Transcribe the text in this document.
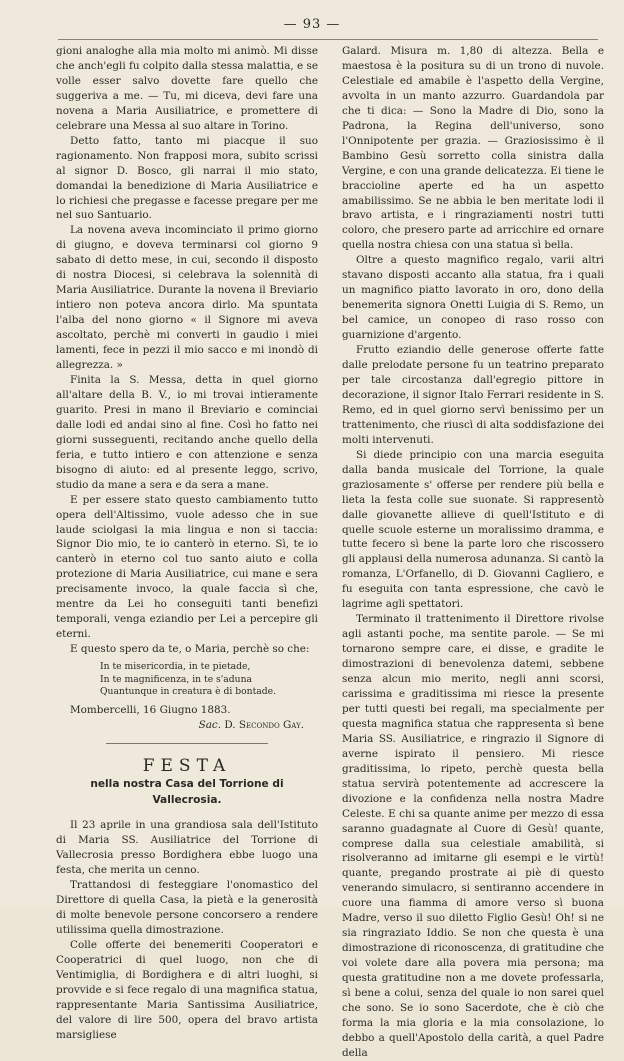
— 93 —

gioni analoghe alla mia molto mi animò. Mi disse che anch'egli fu colpito dalla stessa malattia, e se volle esser salvo dovette fare quello che suggeriva a me. — Tu, mi diceva, devi fare una novena a Maria Ausiliatrice, e promettere di celebrare una Messa al suo altare in Torino.

Detto fatto, tanto mi piacque il suo ragionamento. Non frapposi mora, subito scrissi al signor D. Bosco, gli narrai il mio stato, domandai la benedizione di Maria Ausiliatrice e lo richiesi che pregasse e facesse pregare per me nel suo Santuario.

La novena aveva incominciato il primo giorno di giugno, e doveva terminarsi col giorno 9 sabato di detto mese, in cui, secondo il disposto di nostra Diocesi, si celebrava la solennità di Maria Ausiliatrice. Durante la novena il Breviario intiero non poteva ancora dirlo. Ma spuntata l'alba del nono giorno « il Signore mi aveva ascoltato, perchè mi converti in gaudio i miei lamenti, fece in pezzi il mio sacco e mi inondò di allegrezza. »

Finita la S. Messa, detta in quel giorno all'altare della B. V., io mi trovai intieramente guarito. Presi in mano il Breviario e cominciai dalle lodi ed andai sino al fine. Così ho fatto nei giorni susseguenti, recitando anche quello della feria, e tutto intiero e con attenzione e senza bisogno di aiuto: ed al presente leggo, scrivo, studio da mane a sera e da sera a mane.

E per essere stato questo cambiamento tutto opera dell'Altissimo, vuole adesso che in sue laude sciolgasi la mia lingua e non si taccia: Signor Dio mio, te io canterò in eterno. Sì, te io canterò in eterno col tuo santo aiuto e colla protezione di Maria Ausiliatrice, cui mane e sera precisamente invoco, la quale faccia sì che, mentre da Lei ho conseguiti tanti benefizi temporali, venga eziandio per Lei a percepire gli eterni.

E questo spero da te, o Maria, perchè so che:

In te misericordia, in te pietade,
In te magnificenza, in te s'aduna
Quantunque in creatura è di bontade.

Mombercelli, 16 Giugno 1883.

Sac. D. Secondo Gay.

FESTA
nella nostra Casa del Torrione di Vallecrosia.

Il 23 aprile in una grandiosa sala dell'Istituto di Maria SS. Ausiliatrice del Torrione di Vallecrosia presso Bordighera ebbe luogo una festa, che merita un cenno.

Trattandosi di festeggiare l'onomastico del Direttore di quella Casa, la pietà e la generosità di molte benevole persone concorsero a rendere utilissima quella dimostrazione.

Colle offerte dei benemeriti Cooperatori e Cooperatrici di quel luogo, non che di Ventimiglia, di Bordighera e di altri luoghi, si provvide e si fece regalo di una magnifica statua, rappresentante Maria Santissima Ausiliatrice, del valore di lire 500, opera del bravo artista marsigliese

Galard. Misura m. 1,80 di altezza. Bella e maestosa è la positura su di un trono di nuvole. Celestiale ed amabile è l'aspetto della Vergine, avvolta in un manto azzurro. Guardandola par che ti dica: — Sono la Madre di Dio, sono la Padrona, la Regina dell'universo, sono l'Onnipotente per grazia. — Graziosissimo è il Bambino Gesù sorretto colla sinistra dalla Vergine, e con una grande delicatezza. Ei tiene le braccioline aperte ed ha un aspetto amabilissimo. Se ne abbia le ben meritate lodi il bravo artista, e i ringraziamenti nostri tutti coloro, che presero parte ad arricchire ed ornare quella nostra chiesa con una statua sì bella.

Oltre a questo magnifico regalo, varii altri stavano disposti accanto alla statua, fra i quali un magnifico piatto lavorato in oro, dono della benemerita signora Onetti Luigia di S. Remo, un bel camice, un conopeo di raso rosso con guarnizione d'argento.

Frutto eziandio delle generose offerte fatte dalle prelodate persone fu un teatrino preparato per tale circostanza dall'egregio pittore in decorazione, il signor Italo Ferrari residente in S. Remo, ed in quel giorno servì benissimo per un trattenimento, che riuscì di alta soddisfazione dei molti intervenuti.

Si diede principio con una marcia eseguita dalla banda musicale del Torrione, la quale graziosamente s' offerse per rendere più bella e lieta la festa colle sue suonate. Si rappresentò dalle giovanette allieve di quell'Istituto e di quelle scuole esterne un moralissimo dramma, e tutte fecero sì bene la parte loro che riscossero gli applausi della numerosa adunanza. Si cantò la romanza, L'Orfanello, di D. Giovanni Cagliero, e fu eseguita con tanta espressione, che cavò le lagrime agli spettatori.

Terminato il trattenimento il Direttore rivolse agli astanti poche, ma sentite parole. — Se mi tornarono sempre care, ei disse, e gradite le dimostrazioni di benevolenza datemi, sebbene senza alcun mio merito, negli anni scorsi, carissima e graditissima mi riesce la presente per tutti questi bei regali, ma specialmente per questa magnifica statua che rappresenta sì bene Maria SS. Ausiliatrice, e ringrazio il Signore di averne ispirato il pensiero. Mi riesce graditissima, lo ripeto, perchè questa bella statua servirà potentemente ad accrescere la divozione e la confidenza nella nostra Madre Celeste. E chi sa quante anime per mezzo di essa saranno guadagnate al Cuore di Gesù! quante, comprese dalla sua celestiale amabilità, si risolveranno ad imitarne gli esempi e le virtù! quante, pregando prostrate ai piè di questo venerando simulacro, si sentiranno accendere in cuore una fiamma di amore verso sì buona Madre, verso il suo diletto Figlio Gesù! Oh! si ne sia ringraziato Iddio. Se non che questa è una dimostrazione di riconoscenza, di gratitudine che voi volete dare alla povera mia persona; ma questa gratitudine non a me dovete professarla, sì bene a colui, senza del quale io non sarei quel che sono. Se io sono Sacerdote, che è ciò che forma la mia gloria e la mia consolazione, lo debbo a quell'Apostolo della carità, a quel Padre della
